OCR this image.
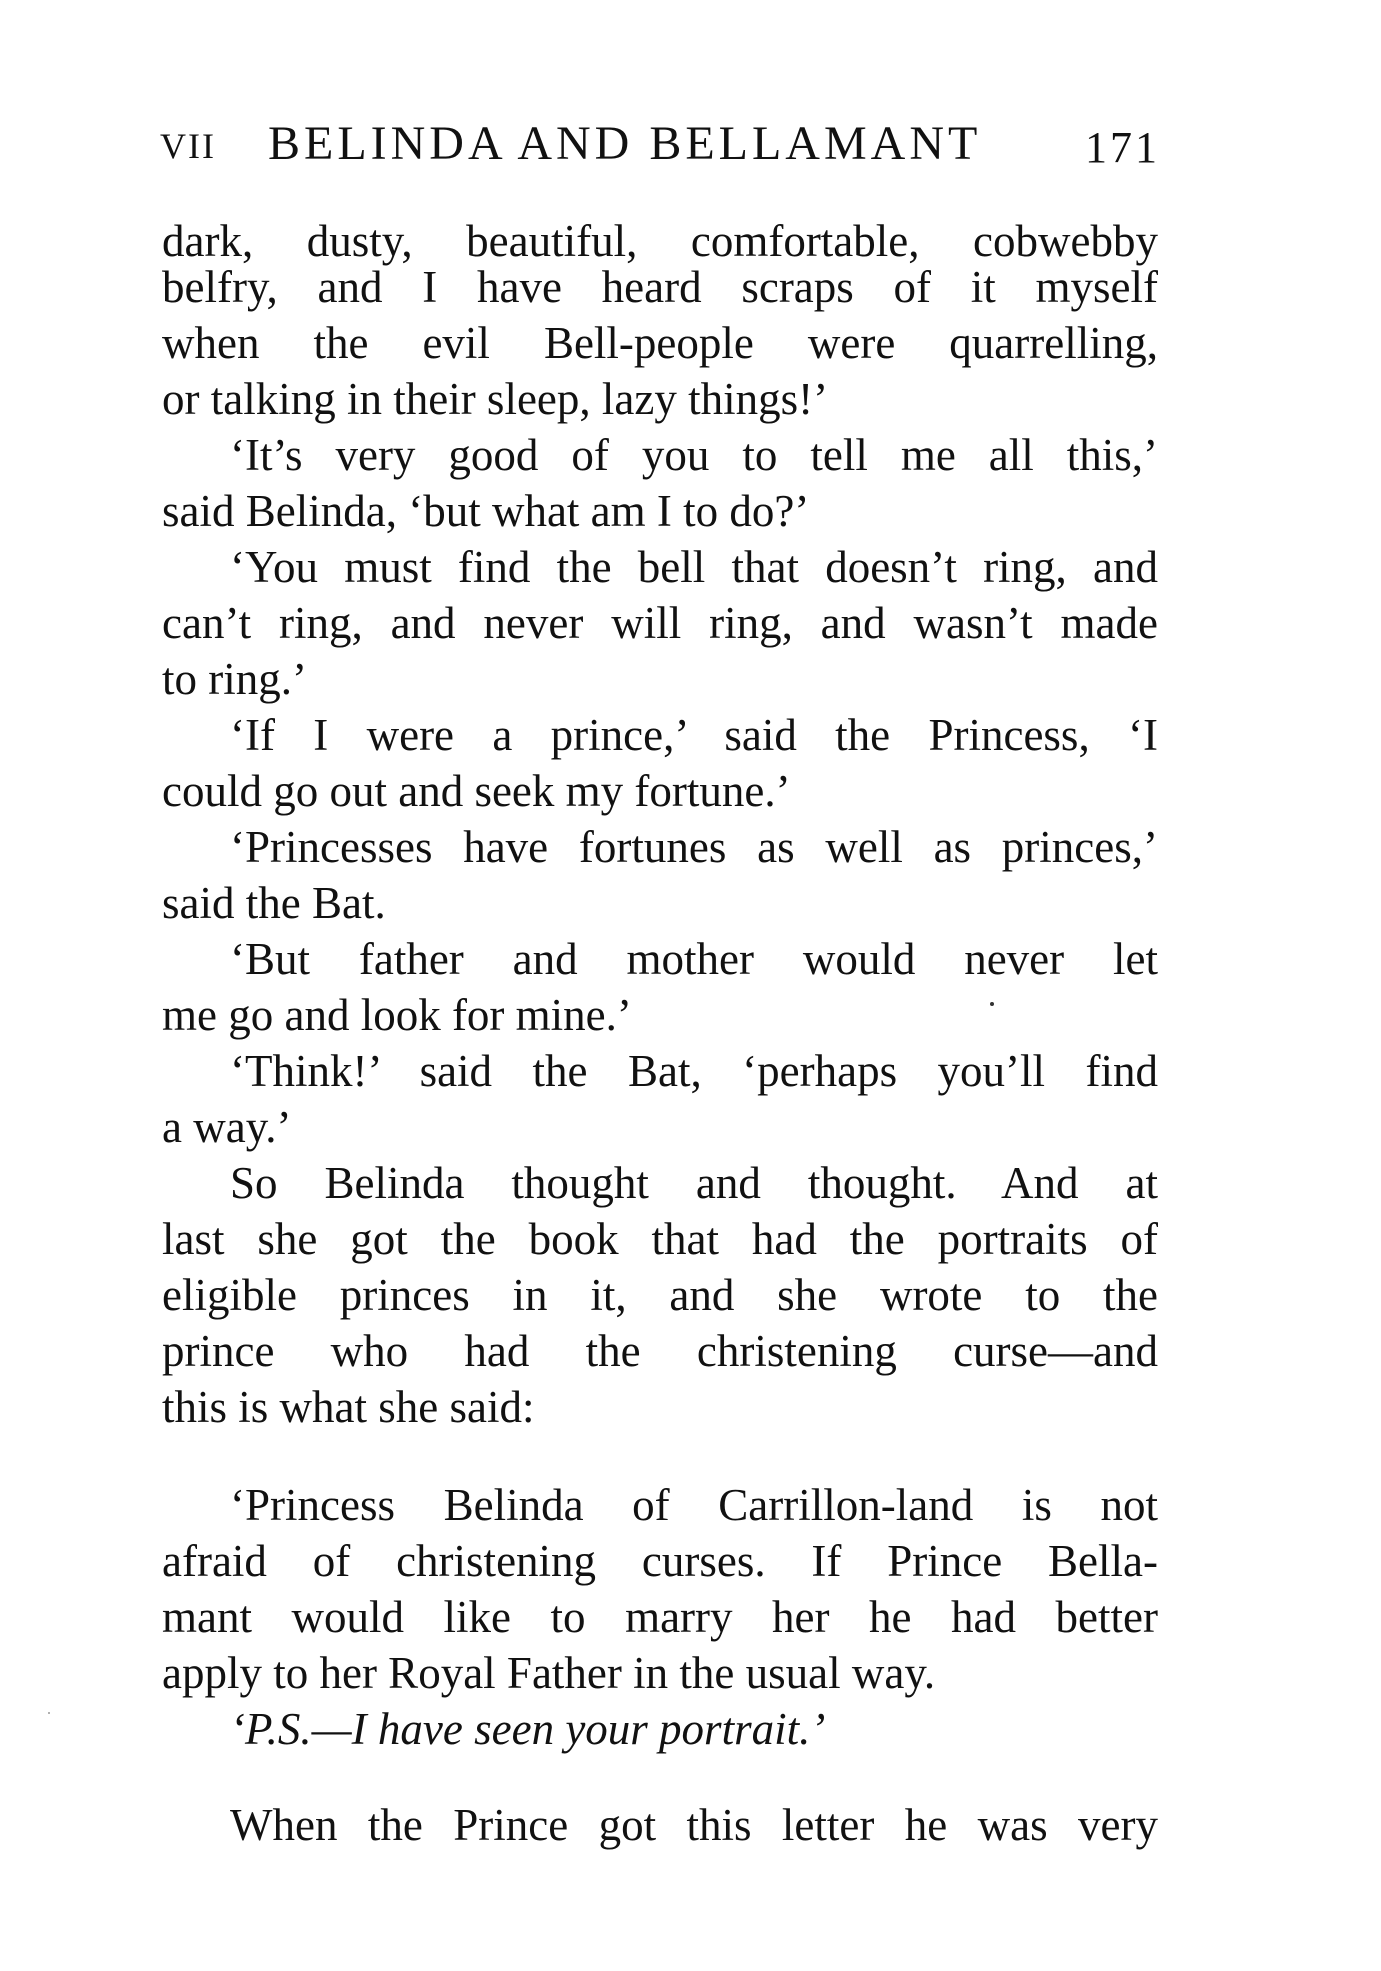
VII BELINDA AND BELLAMANT 171
dark, dusty, beautiful, comfortable, cobwebby
belfry, and I have heard scraps of it myself
when the evil Bell-people were quarrelling,
or talking in their sleep, lazy things!’
‘It’s very good of you to tell me all this,’
said Belinda, ‘but what am I to do?’
‘You must find the bell that doesn’t ring, and
can’t ring, and never will ring, and wasn’t made
to ring.’
‘If I were a prince,’ said the Princess, ‘I
could go out and seek my fortune.’
‘Princesses have fortunes as well as princes,’
said the Bat.
‘But father and mother would never let
me go and look for mine.’
‘Think!’ said the Bat, ‘perhaps you’ll find
a way.’
So Belinda thought and thought. And at
last she got the book that had the portraits of
eligible princes in it, and she wrote to the
prince who had the christening curse—and
this is what she said:
‘Princess Belinda of Carrillon-land is not
afraid of christening curses. If Prince Bella-
mant would like to marry her he had better
apply to her Royal Father in the usual way.
‘P.S.—I have seen your portrait.’
When the Prince got this letter he was very
